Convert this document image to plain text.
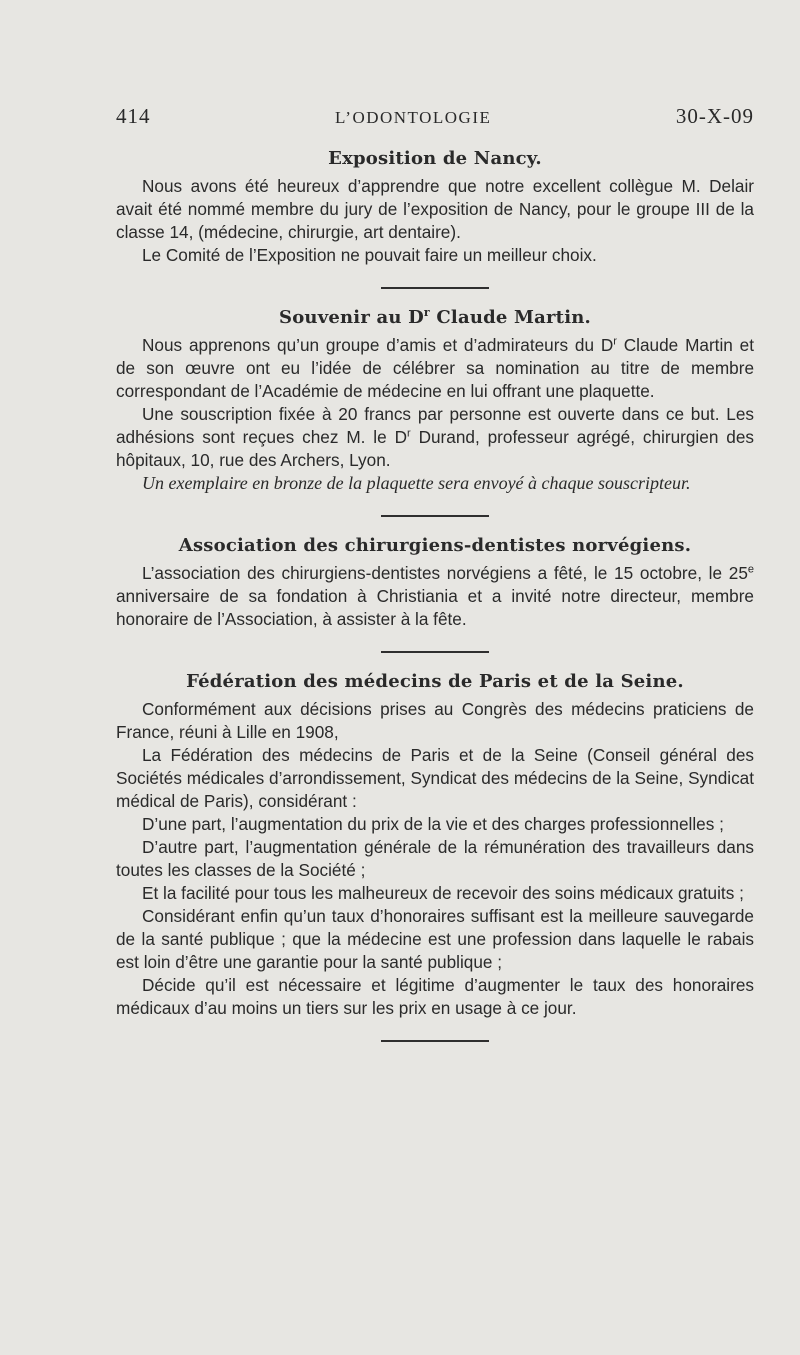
414	L’ODONTOLOGIE	30-X-09
Exposition de Nancy.

Nous avons été heureux d’apprendre que notre excellent collègue M. Delair avait été nommé membre du jury de l’exposition de Nancy, pour le groupe III de la classe 14, (médecine, chirurgie, art dentaire).

Le Comité de l’Exposition ne pouvait faire un meilleur choix.

Souvenir au $D^r$ Claude Martin.

Nous apprenons qu’un groupe d’amis et d’admirateurs du $D^r$ Claude Martin et de son œuvre ont eu l’idée de célébrer sa nomination au titre de membre correspondant de l’Académie de médecine en lui offrant une plaquette.

Une souscription fixée à 20 francs par personne est ouverte dans ce but. Les adhésions sont reçues chez M. le $D^r$ Durand, professeur agrégé, chirurgien des hôpitaux, 10, rue des Archers, Lyon.

Un exemplaire en bronze de la plaquette sera envoyé à chaque souscripteur.

Association des chirurgiens-dentistes norvégiens.

L’association des chirurgiens-dentistes norvégiens a fêté, le 15 octobre, le 25e anniversaire de sa fondation à Christiania et a invité notre directeur, membre honoraire de l’Association, à assister à la fête.

Fédération des médecins de Paris et de la Seine.

Conformément aux décisions prises au Congrès des médecins praticiens de France, réuni à Lille en 1908,

La Fédération des médecins de Paris et de la Seine (Conseil général des Sociétés médicales d’arrondissement, Syndicat des médecins de la Seine, Syndicat médical de Paris), considérant :

D’une part, l’augmentation du prix de la vie et des charges professionnelles ;

D’autre part, l’augmentation générale de la rémunération des travailleurs dans toutes les classes de la Société ;

Et la facilité pour tous les malheureux de recevoir des soins médicaux gratuits ;

Considérant enfin qu’un taux d’honoraires suffisant est la meilleure sauvegarde de la santé publique ; que la médecine est une profession dans laquelle le rabais est loin d’être une garantie pour la santé publique ;

Décide qu’il est nécessaire et légitime d’augmenter le taux des honoraires médicaux d’au moins un tiers sur les prix en usage à ce jour.
